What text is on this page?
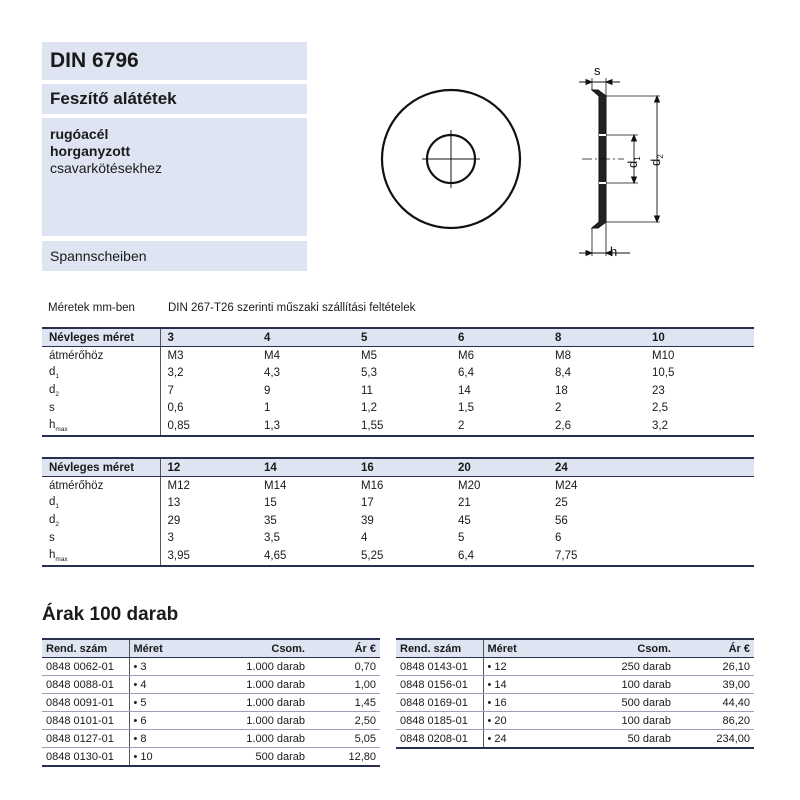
DIN 6796
Feszítő alátétek
rugóacél
horganyzott
csavarkötésekhez
Spannscheiben
s
h
$d_1$
$d_2$
Méretek mm-ben	DIN 267-T26 szerinti műszaki szállítási feltételek
Névleges méret	3	4	5	6	8	10	
átmérőhöz	M3	M4	M5	M6	M8	M10	
$d_1$	3,2	4,3	5,3	6,4	8,4	10,5	
$d_2$	7	9	11	14	18	23	
s	0,6	1	1,2	1,5	2	2,5	
$h_{max}$	0,85	1,3	1,55	2	2,6	3,2	
Névleges méret	12	14	16	20	24		
átmérőhöz	M12	M14	M16	M20	M24		
$d_1$	13	15	17	21	25		
$d_2$	29	35	39	45	56		
s	3	3,5	4	5	6		
$h_{max}$	3,95	4,65	5,25	6,4	7,75		
Árak 100 darab
Rend. szám	Méret	Csom.	Ár €
0848 0062-01	• 3	1.000 darab	0,70
0848 0088-01	• 4	1.000 darab	1,00
0848 0091-01	• 5	1.000 darab	1,45
0848 0101-01	• 6	1.000 darab	2,50
0848 0127-01	• 8	1.000 darab	5,05
0848 0130-01	• 10	500 darab	12,80
Rend. szám	Méret	Csom.	Ár €
0848 0143-01	• 12	250 darab	26,10
0848 0156-01	• 14	100 darab	39,00
0848 0169-01	• 16	500 darab	44,40
0848 0185-01	• 20	100 darab	86,20
0848 0208-01	• 24	50 darab	234,00
